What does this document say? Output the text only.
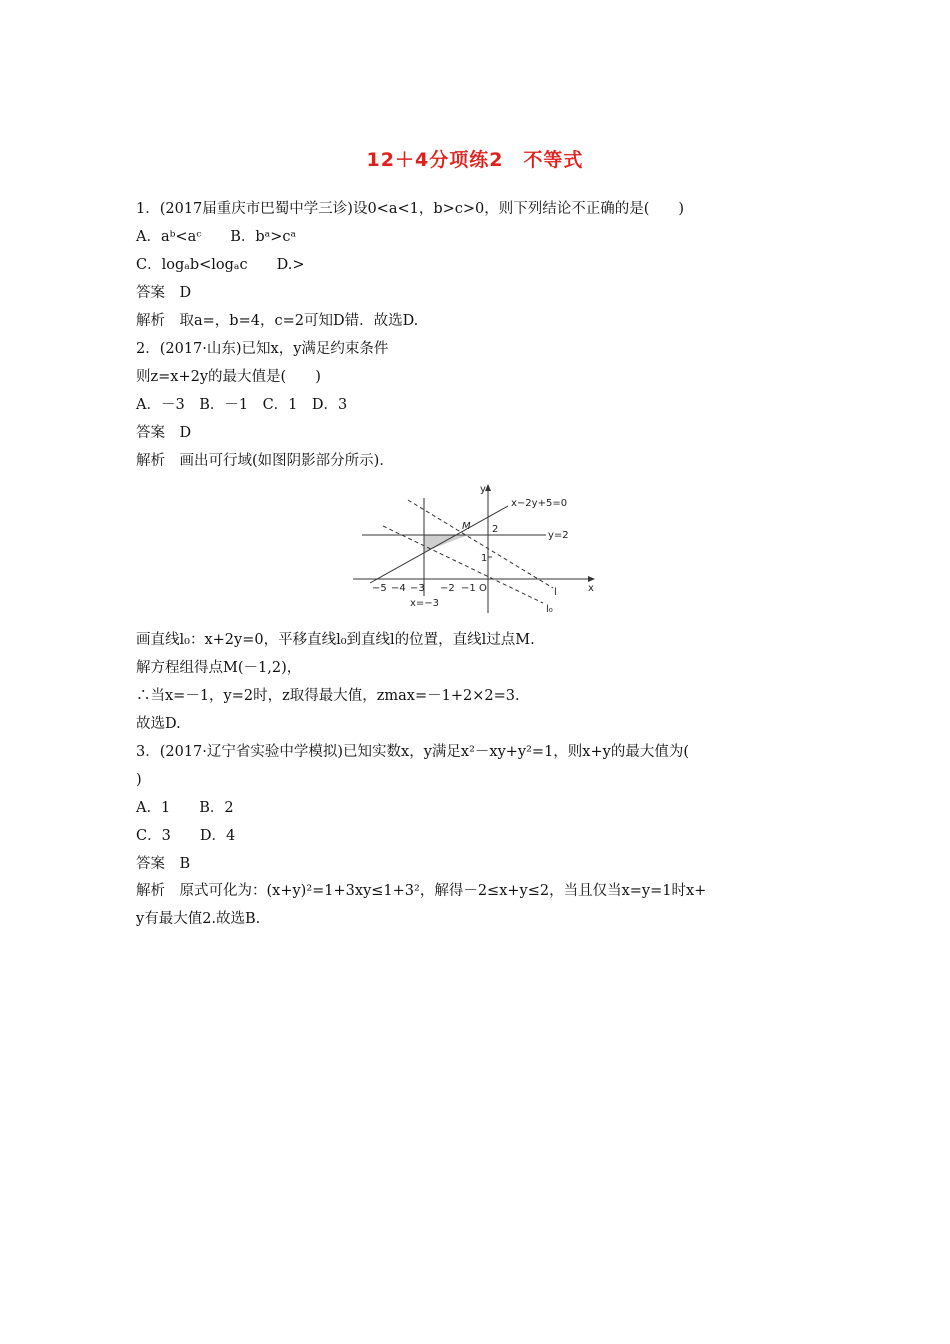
12＋4分项练2　不等式
1．(2017届重庆市巴蜀中学三诊)设0<a<1，b>c>0，则下列结论不正确的是(　　)
A．aᵇ<aᶜ　　B．bᵃ>cᵃ
C．logₐb<logₐc　　D.>
答案　D
解析　取a=，b=4，c=2可知D错．故选D.
2．(2017·山东)已知x，y满足约束条件
则z=x+2y的最大值是(　　)
A．－3　B．－1　C．1　D．3
答案　D
解析　画出可行域(如图阴影部分所示)．
y
x
x−2y+5=0
y=2
l
l₀
x=−3
M
O
2
1
−5 −4 −3 −2 −1
画直线l₀：x+2y=0，平移直线l₀到直线l的位置，直线l过点M.
解方程组得点M(－1,2)，
∴当x=－1，y=2时，z取得最大值，zmax=－1+2×2=3.
故选D.
3．(2017·辽宁省实验中学模拟)已知实数x，y满足x²－xy+y²=1，则x+y的最大值为(
)
A．1　　B．2
C．3　　D．4
答案　B
解析　原式可化为：(x+y)²=1+3xy≤1+3²，解得－2≤x+y≤2，当且仅当x=y=1时x+
y有最大值2.故选B.
